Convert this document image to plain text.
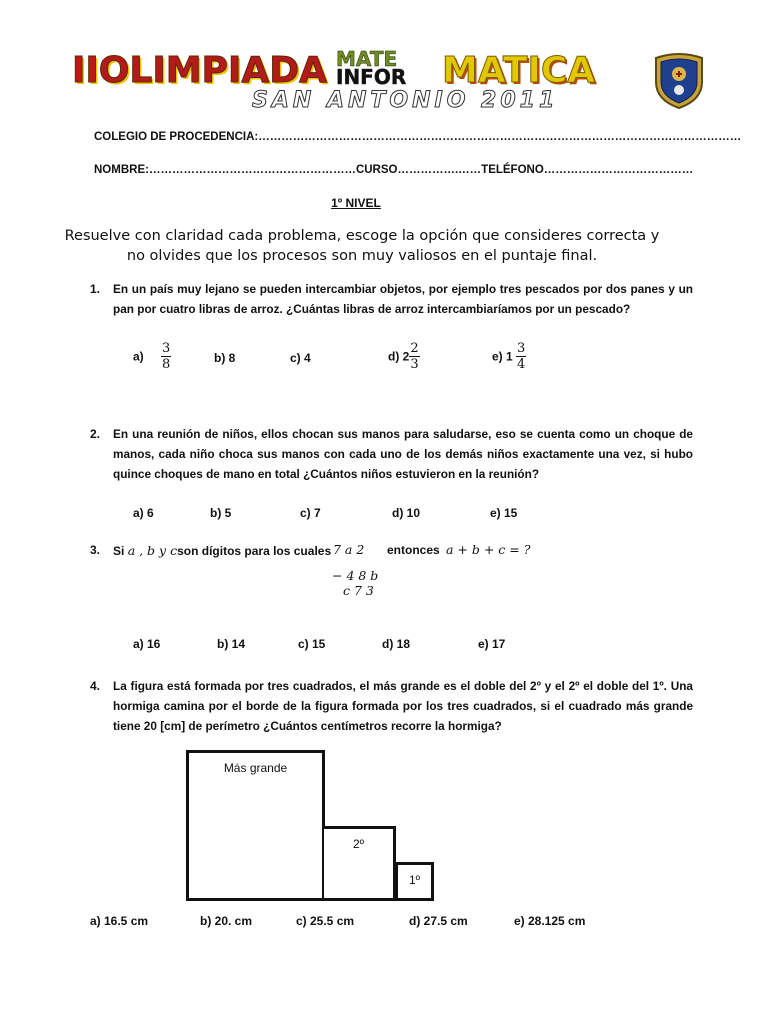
IIOLIMPIADA MATE
INFOR MATICA
SAN ANTONIO 2011
COLEGIO DE PROCEDENCIA:………………………………………………………………………………………………………………
NOMBRE:………………………………………………CURSO…………….……TELÉFONO…………………………………
1º NIVEL
Resuelve con claridad cada problema, escoge la opción que consideres correcta y no olvides que los procesos son muy valiosos en el puntaje final.
1. En un país muy lejano se pueden intercambiar objetos, por ejemplo tres pescados por dos panes y un pan por cuatro libras de arroz. ¿Cuántas libras de arroz intercambiaríamos por un pescado?
$a) \frac{3}{8}$	b) 8	c) 4	d) $2 \frac{2}{3}$	e) $1 \frac{3}{4}$
2. En una reunión de niños, ellos chocan sus manos para saludarse, eso se cuenta como un choque de manos, cada niño choca sus manos con cada uno de los demás niños exactamente una vez, si hubo quince choques de mano en total ¿Cuántos niños estuvieron en la reunión?
a) 6	b) 5	c) 7	d) 10	e) 15
3. Si a , b y cson dígitos para los cuales 7 a 2 entonces a + b + c = ?
− 4 8 b
c 7 3
a) 16	b) 14	c) 15	d) 18	e) 17
4. La figura está formada por tres cuadrados, el más grande es el doble del 2º y el 2º el doble del 1º. Una hormiga camina por el borde de la figura formada por los tres cuadrados, si el cuadrado más grande tiene 20 [cm] de perímetro ¿Cuántos centímetros recorre la hormiga?
Más grande
2º
1º
a) 16.5 cm	b) 20. cm	c) 25.5 cm	d) 27.5 cm	e) 28.125 cm
